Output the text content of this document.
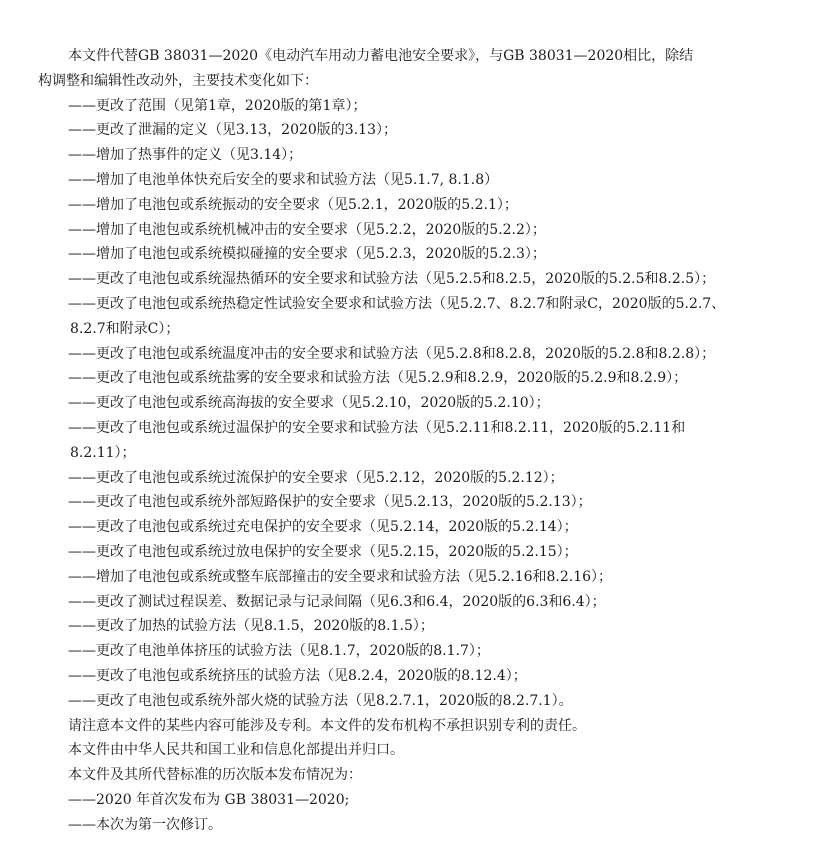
本文件代替GB 38031—2020《电动汽车用动力蓄电池安全要求》，与GB 38031—2020相比，除结
构调整和编辑性改动外，主要技术变化如下：
——更改了范围（见第1章，2020版的第1章）；
——更改了泄漏的定义（见3.13，2020版的3.13）；
——增加了热事件的定义（见3.14）；
——增加了电池单体快充后安全的要求和试验方法（见5.1.7, 8.1.8）
——增加了电池包或系统振动的安全要求（见5.2.1，2020版的5.2.1）；
——增加了电池包或系统机械冲击的安全要求（见5.2.2，2020版的5.2.2）；
——增加了电池包或系统模拟碰撞的安全要求（见5.2.3，2020版的5.2.3）；
——更改了电池包或系统湿热循环的安全要求和试验方法（见5.2.5和8.2.5，2020版的5.2.5和8.2.5）；
——更改了电池包或系统热稳定性试验安全要求和试验方法（见5.2.7、8.2.7和附录C，2020版的5.2.7、
8.2.7和附录C）；
——更改了电池包或系统温度冲击的安全要求和试验方法（见5.2.8和8.2.8，2020版的5.2.8和8.2.8）；
——更改了电池包或系统盐雾的安全要求和试验方法（见5.2.9和8.2.9，2020版的5.2.9和8.2.9）；
——更改了电池包或系统高海拔的安全要求（见5.2.10，2020版的5.2.10）；
——更改了电池包或系统过温保护的安全要求和试验方法（见5.2.11和8.2.11，2020版的5.2.11和
8.2.11）；
——更改了电池包或系统过流保护的安全要求（见5.2.12，2020版的5.2.12）；
——更改了电池包或系统外部短路保护的安全要求（见5.2.13，2020版的5.2.13）；
——更改了电池包或系统过充电保护的安全要求（见5.2.14，2020版的5.2.14）；
——更改了电池包或系统过放电保护的安全要求（见5.2.15，2020版的5.2.15）；
——增加了电池包或系统或整车底部撞击的安全要求和试验方法（见5.2.16和8.2.16）；
——更改了测试过程误差、数据记录与记录间隔（见6.3和6.4，2020版的6.3和6.4）；
——更改了加热的试验方法（见8.1.5，2020版的8.1.5）；
——更改了电池单体挤压的试验方法（见8.1.7，2020版的8.1.7）；
——更改了电池包或系统挤压的试验方法（见8.2.4，2020版的8.12.4）；
——更改了电池包或系统外部火烧的试验方法（见8.2.7.1，2020版的8.2.7.1）。
请注意本文件的某些内容可能涉及专利。本文件的发布机构不承担识别专利的责任。
本文件由中华人民共和国工业和信息化部提出并归口。
本文件及其所代替标准的历次版本发布情况为：
——2020 年首次发布为 GB 38031—2020;
——本次为第一次修订。
